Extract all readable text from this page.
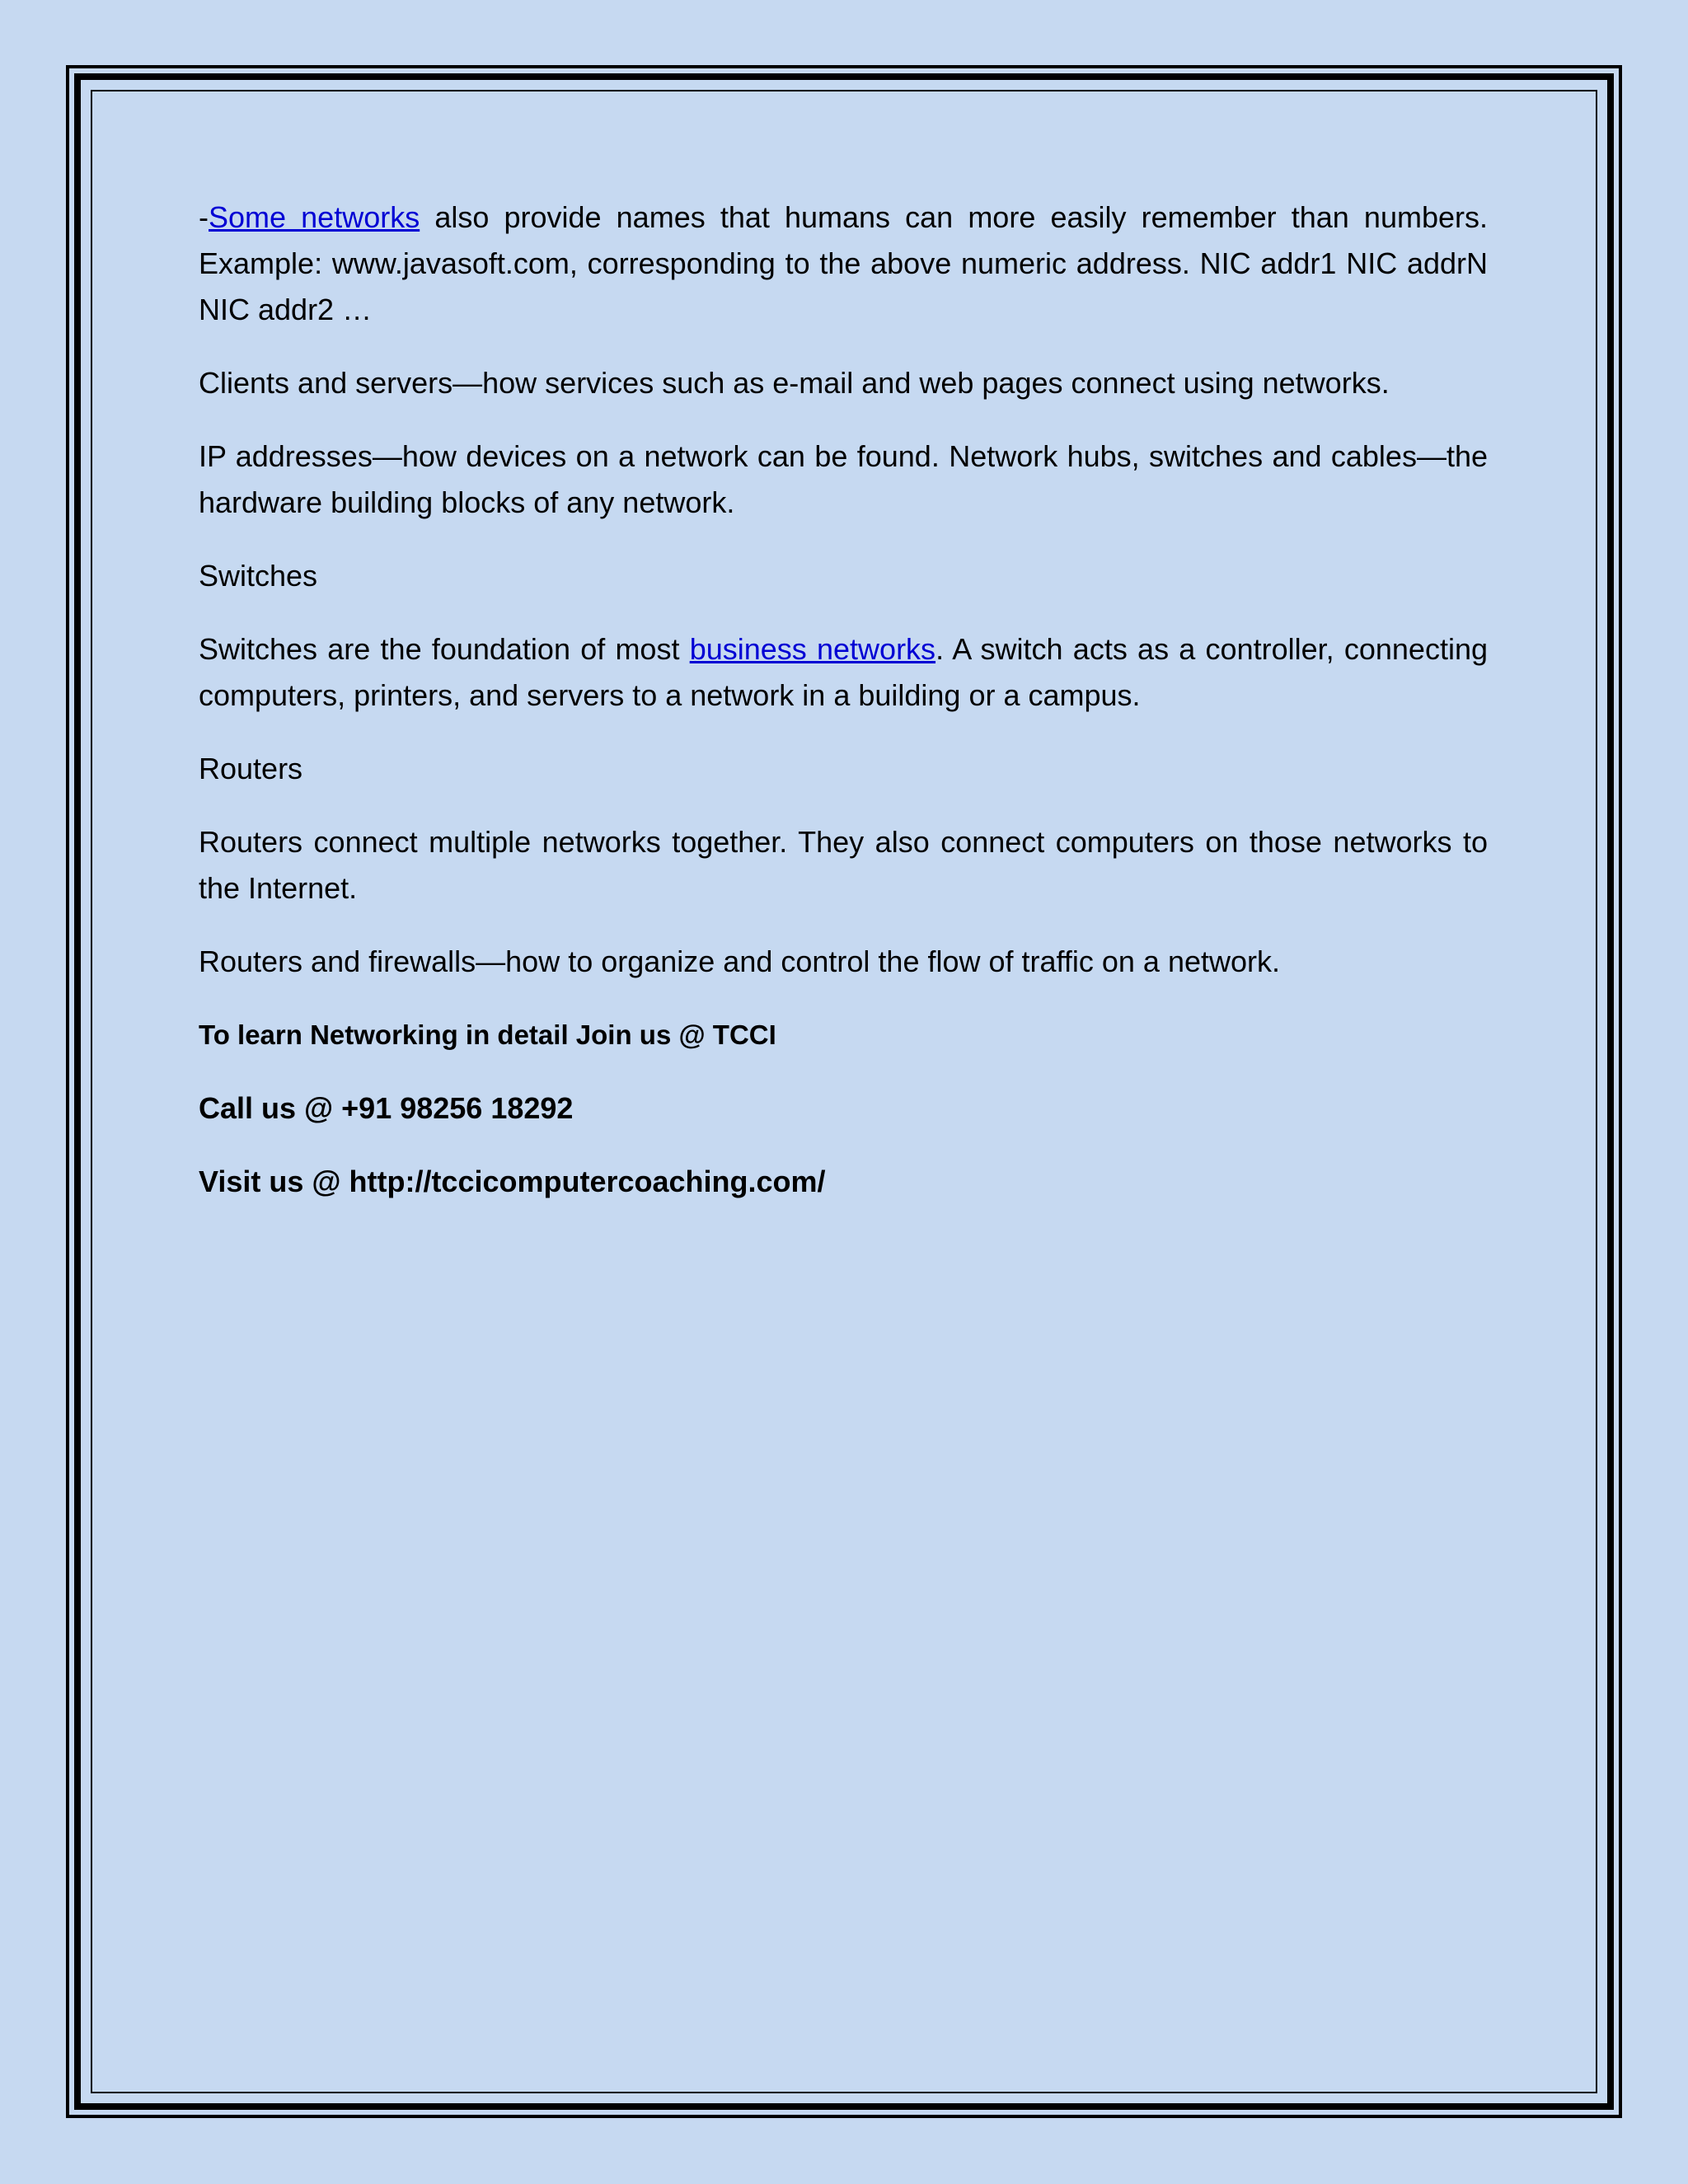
-Some networks also provide names that humans can more easily remember than numbers. Example: www.javasoft.com, corresponding to the above numeric address. NIC addr1 NIC addrN NIC addr2 …

Clients and servers—how services such as e-mail and web pages connect using networks.

IP addresses—how devices on a network can be found. Network hubs, switches and cables—the hardware building blocks of any network.

Switches

Switches are the foundation of most business networks. A switch acts as a controller, connecting computers, printers, and servers to a network in a building or a campus.

Routers

Routers connect multiple networks together. They also connect computers on those networks to the Internet.

Routers and firewalls—how to organize and control the flow of traffic on a network.

To learn Networking in detail Join us @ TCCI

Call us @ +91 98256 18292

Visit us @ http://tccicomputercoaching.com/
